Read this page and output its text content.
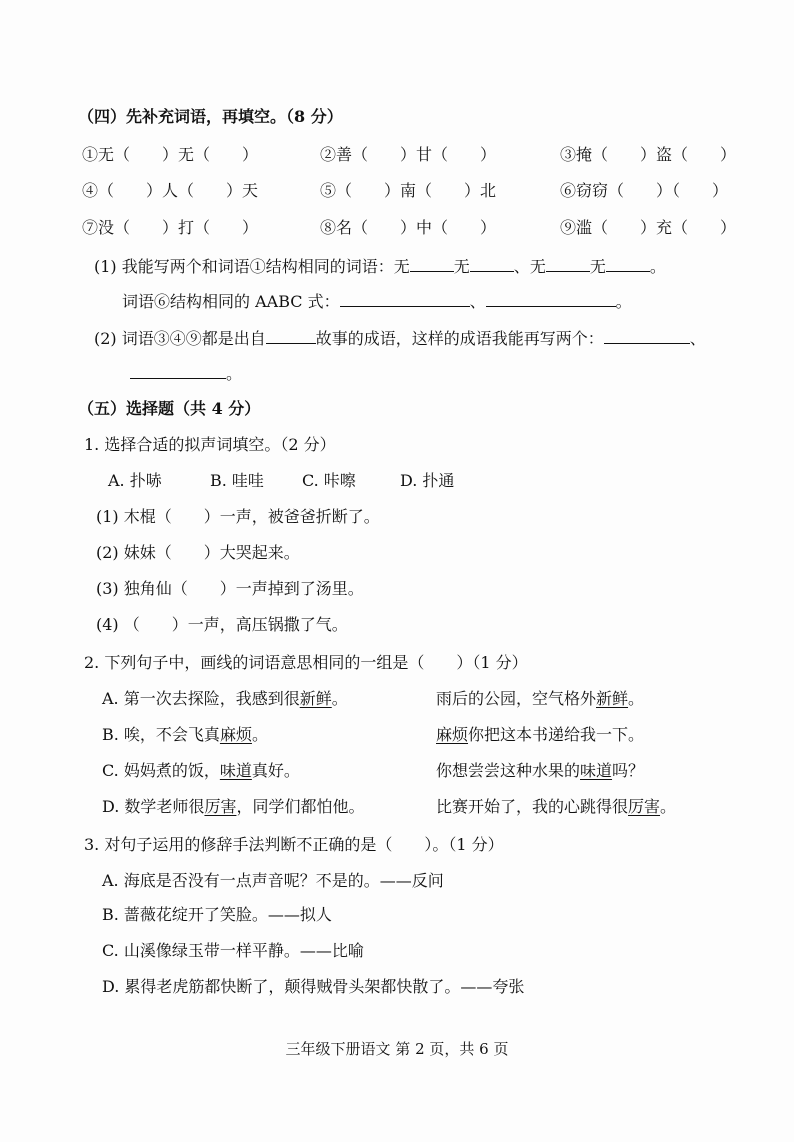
（四）先补充词语，再填空。（8 分）
①无（　　）无（　　）	②善（　　）甘（　　）	③掩（　　）盗（　　）
④（　　）人（　　）天	⑤（　　）南（　　）北	⑥窃窃（　　）（　　）
⑦没（　　）打（　　）	⑧名（　　）中（　　）	⑨滥（　　）充（　　）
(1) 我能写两个和词语①结构相同的词语：无	无	、无	无	。
词语⑥结构相同的 AABC 式：	、	。
(2) 词语③④⑨都是出自	故事的成语，这样的成语我能再写两个：	、
。
（五）选择题（共 4 分）
1. 选择合适的拟声词填空。（2 分）
A. 扑哧	B. 哇哇 C. 咔嚓	D. 扑通
(1) 木棍（　　）一声，被爸爸折断了。
(2) 妹妹（　　）大哭起来。
(3) 独角仙（　　）一声掉到了汤里。
(4) （　　）一声，高压锅撒了气。
2. 下列句子中，画线的词语意思相同的一组是（　　）（1 分）
A. 第一次去探险，我感到很新鲜。	雨后的公园，空气格外新鲜。
B. 唉，不会飞真麻烦。	麻烦你把这本书递给我一下。
C. 妈妈煮的饭，味道真好。	你想尝尝这种水果的味道吗？
D. 数学老师很厉害，同学们都怕他。	比赛开始了，我的心跳得很厉害。
3. 对句子运用的修辞手法判断不正确的是（　　）。（1 分）
A. 海底是否没有一点声音呢？不是的。——反问
B. 蔷薇花绽开了笑脸。——拟人
C. 山溪像绿玉带一样平静。——比喻
D. 累得老虎筋都快断了，颠得贼骨头架都快散了。——夸张
三年级下册语文 第 2 页，共 6 页
